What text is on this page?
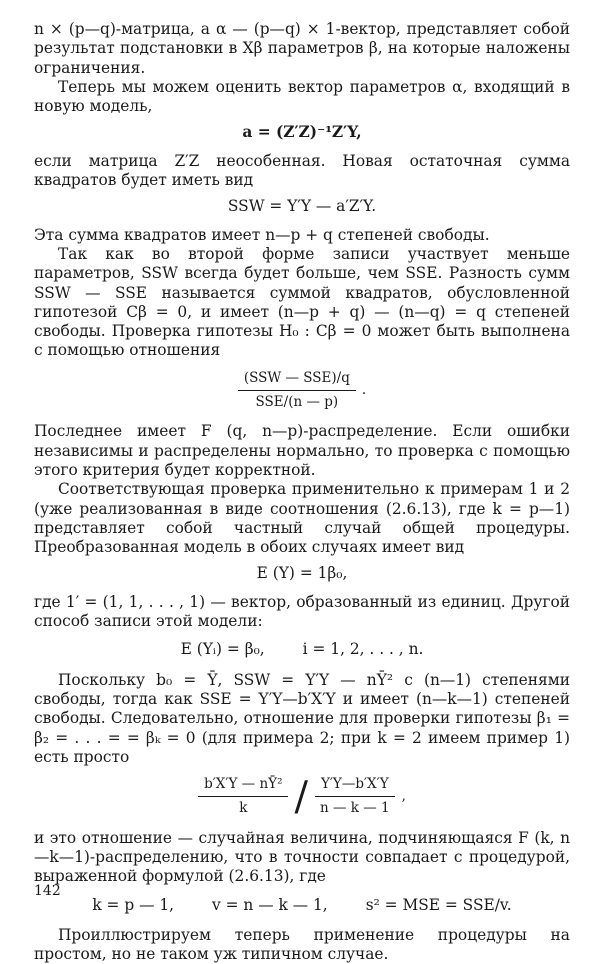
n × (p—q)-матрица, а α — (p—q) × 1-вектор, представляет собой результат подстановки в Xβ параметров β, на которые наложены ограничения.

Теперь мы можем оценить вектор параметров α, входящий в новую модель,

a = (Z′Z)⁻¹Z′Y,

если матрица Z′Z неособенная. Новая остаточная сумма квадратов будет иметь вид

SSW = Y′Y — a′Z′Y.

Эта сумма квадратов имеет n—p + q степеней свободы.

Так как во второй форме записи участвует меньше параметров, SSW всегда будет больше, чем SSE. Разность сумм SSW — SSE называется суммой квадратов, обусловленной гипотезой Cβ = 0, и имеет (n—p + q) — (n—q) = q степеней свободы. Проверка гипотезы H₀ : Cβ = 0 может быть выполнена с помощью отношения

$\frac{\text{(SSW — SSE)/q}}{\text{SSE/(n — p)}}$ .

Последнее имеет F (q, n—p)-распределение. Если ошибки независимы и распределены нормально, то проверка с помощью этого критерия будет корректной.

Соответствующая проверка применительно к примерам 1 и 2 (уже реализованная в виде соотношения (2.6.13), где k = p—1) представляет собой частный случай общей процедуры. Преобразованная модель в обоих случаях имеет вид

E (Y) = 1β₀,

где 1′ = (1, 1, . . . , 1) — вектор, образованный из единиц. Другой способ записи этой модели:

E (Yᵢ) = β₀, i = 1, 2, . . . , n.

Поскольку b₀ = Ȳ, SSW = Y′Y — nȲ² с (n—1) степенями свободы, тогда как SSE = Y′Y—b′X′Y и имеет (n—k—1) степеней свободы. Следовательно, отношение для проверки гипотезы β₁ = β₂ = . . . = = βₖ = 0 (для примера 2; при k = 2 имеем пример 1) есть просто

$\frac{\text{b′X′Y — nȲ²}}{k} / \frac{Y'Y—b'X'Y}{n — k — 1}$ ,

и это отношение — случайная величина, подчиняющаяся F (k, n—k—1)-распределению, что в точности совпадает с процедурой, выраженной формулой (2.6.13), где

k = p — 1, v = n — k — 1, s² = MSE = SSE/v.

Проиллюстрируем теперь применение процедуры на простом, но не таком уж типичном случае.

142
